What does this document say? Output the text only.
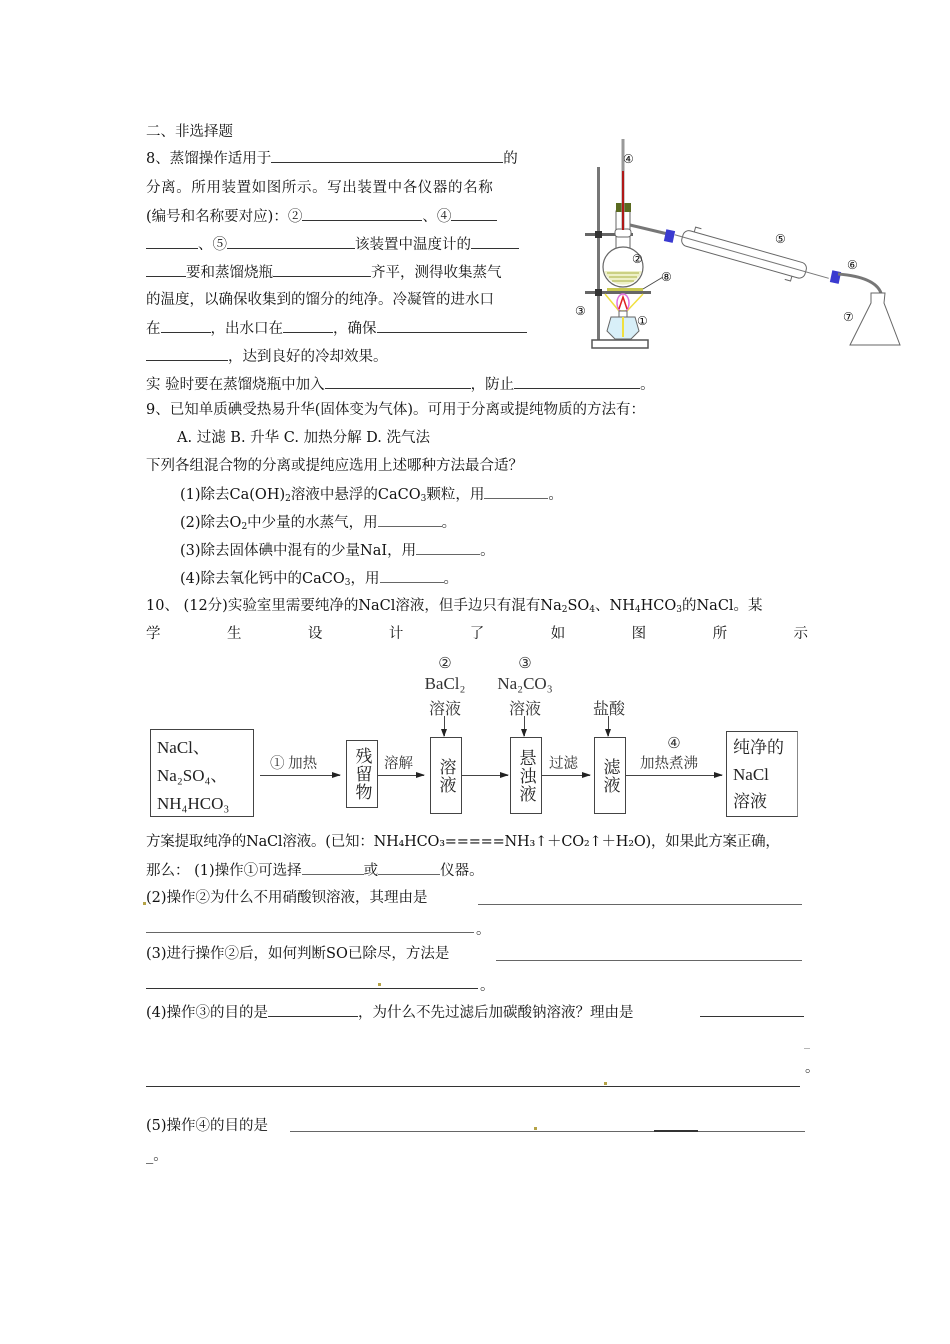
二、非选择题
8、蒸馏操作适用于	的
分离。所用装置如图所示。写出装置中各仪器的名称
(编号和名称要对应)：②	、④
、⑤	该装置中温度计的
要和蒸馏烧瓶	齐平，测得收集蒸气
的温度，以确保收集到的馏分的纯净。冷凝管的进水口
在	，出水口在	，确保
，达到良好的冷却效果。
实 验时要在蒸馏烧瓶中加入	，防止	。
④
②
⑧
③
①
⑤
⑥
⑦
9、已知单质碘受热易升华(固体变为气体)。可用于分离或提纯物质的方法有：
A. 过滤 B. 升华 C. 加热分解 D. 洗气法
下列各组混合物的分离或提纯应选用上述哪种方法最合适？
(1)除去$Ca(OH)_2$溶液中悬浮的CaCO$_3$颗粒，用	。
(2)除去$O_2$中少量的水蒸气，用	。
(3)除去固体碘中混有的少量NaI，用	。
(4)除去氧化钙中的CaCO$_3$，用	。
10、 (12分)实验室里需要纯净的NaCl溶液，但手边只有混有$Na_2SO_4$、$NH_4HCO_3$的NaCl。某
学	生	设	计	了	如	图	所	示
NaCl、
Na₂SO₄、
NH₄HCO₃
① 加热	残留物 溶解	溶液
②
BaCl₂
溶液
悬浊液
③
Na₂CO₃
溶液
过滤	滤液
盐酸
④
加热煮沸
纯净的
NaCl
溶液
方案提取纯净的NaCl溶液。(已知：NH₄HCO₃=====NH₃↑＋CO₂↑＋H₂O)，如果此方案正确，
那么： (1)操作①可选择	或	仪器。
(2)操作②为什么不用硝酸钡溶液，其理由是
。
(3)进行操作②后，如何判断SO已除尽，方法是
。
(4)操作③的目的是	，为什么不先过滤后加碳酸钠溶液？理由是
_
。
(5)操作④的目的是
_。
